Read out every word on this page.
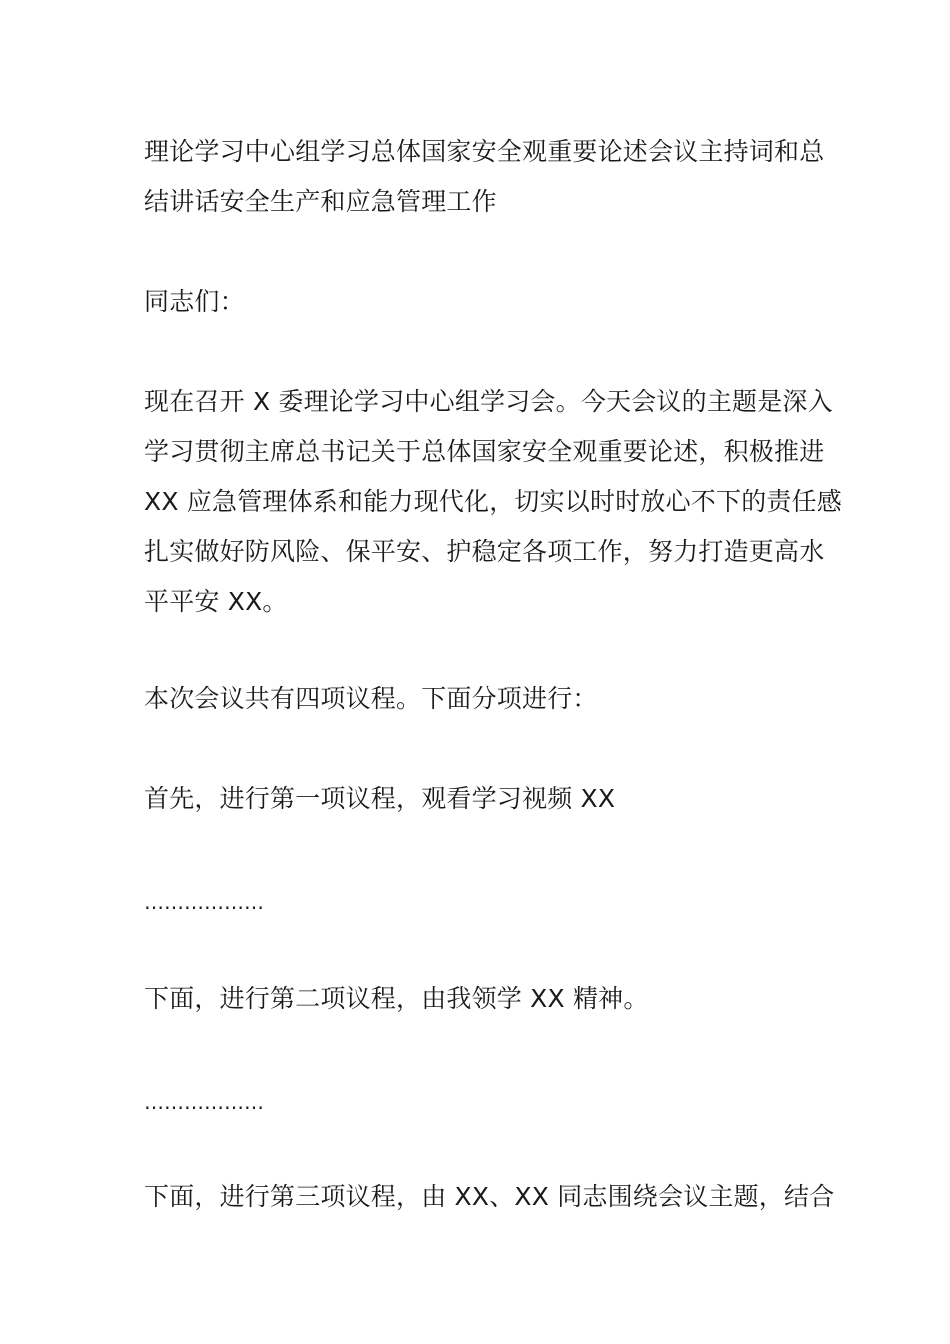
理论学习中心组学习总体国家安全观重要论述会议主持词和总
结讲话安全生产和应急管理工作
同志们：
现在召开 X 委理论学习中心组学习会。今天会议的主题是深入
学习贯彻主席总书记关于总体国家安全观重要论述，积极推进
XX 应急管理体系和能力现代化，切实以时时放心不下的责任感
扎实做好防风险、保平安、护稳定各项工作，努力打造更高水
平平安 XX。
本次会议共有四项议程。下面分项进行：
首先，进行第一项议程，观看学习视频 XX
………………
下面，进行第二项议程，由我领学 XX 精神。
………………
下面，进行第三项议程，由 XX、XX 同志围绕会议主题，结合
